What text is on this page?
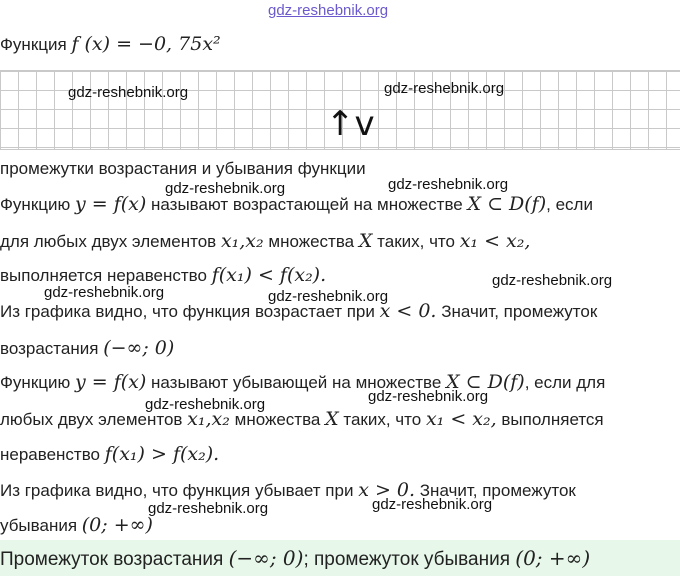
gdz-reshebnik.org
Функция f (x) = −0, 75x²
gdz-reshebnik.org	gdz-reshebnik.org
↑v
промежутки возрастания и убывания функции
gdz-reshebnik.org	gdz-reshebnik.org
Функцию y = f(x) называют возрастающей на множестве X ⊂ D(f), если
для любых двух элементов x₁,x₂ множества X таких, что x₁ < x₂,
выполняется неравенство f(x₁) < f(x₂).	gdz-reshebnik.org
gdz-reshebnik.org	gdz-reshebnik.org
Из графика видно, что функция возрастает при x < 0. Значит, промежуток
возрастания (−∞; 0)
Функцию y = f(x) называют убывающей на множестве X ⊂ D(f), если для
gdz-reshebnik.org
gdz-reshebnik.org
любых двух элементов x₁,x₂ множества X таких, что x₁ < x₂, выполняется
неравенство f(x₁) > f(x₂).
Из графика видно, что функция убывает при x > 0. Значит, промежуток
gdz-reshebnik.org	gdz-reshebnik.org
убывания (0; +∞)
Промежуток возрастания (−∞; 0); промежуток убывания (0; +∞)
